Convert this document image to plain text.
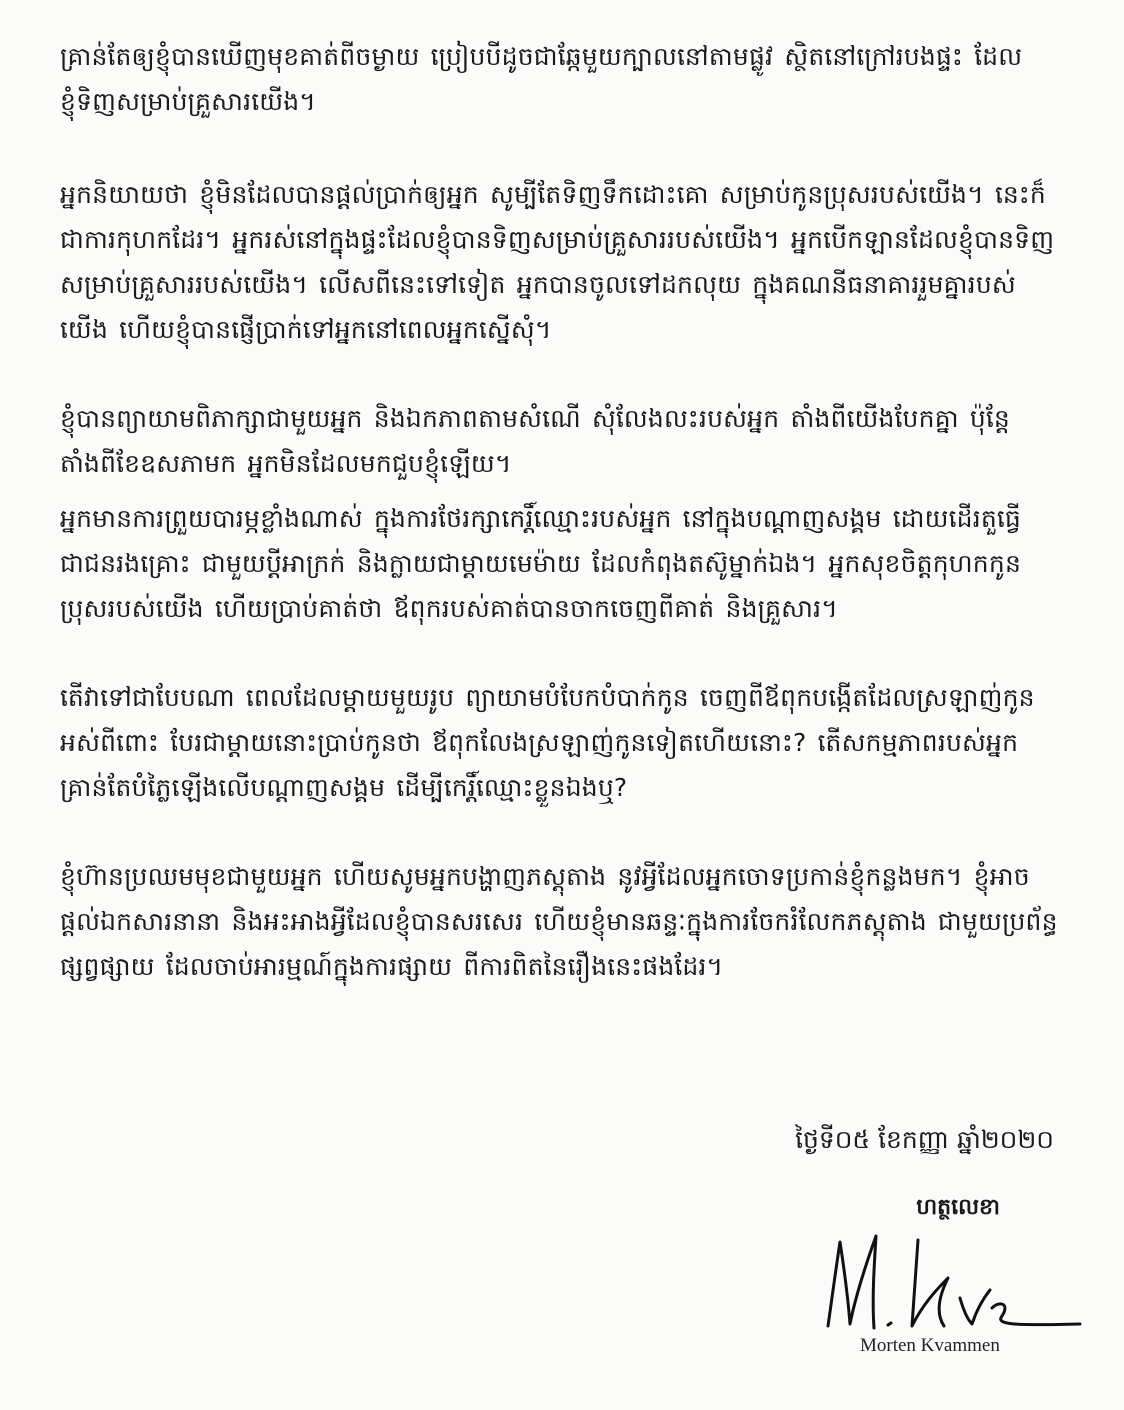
គ្រាន់តែឲ្យខ្ញុំបានឃើញមុខគាត់ពីចម្ងាយ ប្រៀបបីដូចជាឆ្កែមួយក្បាលនៅតាមផ្លូវ ស្ថិតនៅក្រៅរបងផ្ទះ ដែលខ្ញុំទិញសម្រាប់គ្រួសារយើង។

អ្នកនិយាយថា ខ្ញុំមិនដែលបានផ្តល់ប្រាក់ឲ្យអ្នក សូម្បីតែទិញទឹកដោះគោ សម្រាប់កូនប្រុសរបស់យើង។ នេះក៏ជាការកុហកដែរ។ អ្នករស់នៅក្នុងផ្ទះដែលខ្ញុំបានទិញសម្រាប់គ្រួសាររបស់យើង។ អ្នកបើកឡានដែលខ្ញុំបានទិញសម្រាប់គ្រួសាររបស់យើង។ លើសពីនេះទៅទៀត អ្នកបានចូលទៅដកលុយ ក្នុងគណនីធនាគាររួមគ្នារបស់យើង ហើយខ្ញុំបានផ្ញើប្រាក់ទៅអ្នកនៅពេលអ្នកស្នើសុំ។

ខ្ញុំបានព្យាយាមពិភាក្សាជាមួយអ្នក និងឯកភាពតាមសំណើ សុំលែងលះរបស់អ្នក តាំងពីយើងបែកគ្នា ប៉ុន្តែតាំងពីខែឧសភាមក អ្នកមិនដែលមកជួបខ្ញុំឡើយ។

អ្នកមានការព្រួយបារម្ភខ្លាំងណាស់ ក្នុងការថែរក្សាកេរ្តិ៍ឈ្មោះរបស់អ្នក នៅក្នុងបណ្តាញសង្គម ដោយដើរតួធ្វើជាជនរងគ្រោះ ជាមួយប្តីអាក្រក់ និងក្លាយជាម្តាយមេម៉ាយ ដែលកំពុងតស៊ូម្នាក់ឯង។ អ្នកសុខចិត្តកុហកកូនប្រុសរបស់យើង ហើយប្រាប់គាត់ថា ឪពុករបស់គាត់បានចាកចេញពីគាត់ និងគ្រួសារ។

តើវាទៅជាបែបណា ពេលដែលម្តាយមួយរូប ព្យាយាមបំបែកបំបាក់កូន ចេញពីឪពុកបង្កើតដែលស្រឡាញ់កូនអស់ពីពោះ បែរជាម្តាយនោះប្រាប់កូនថា ឪពុកលែងស្រឡាញ់កូនទៀតហើយនោះ? តើសកម្មភាពរបស់អ្នក គ្រាន់តែបំភ្លៃឡើងលើបណ្តាញសង្គម ដើម្បីកេរ្តិ៍ឈ្មោះខ្លួនឯងឬ?

ខ្ញុំហ៊ានប្រឈមមុខជាមួយអ្នក ហើយសូមអ្នកបង្ហាញភស្តុតាង នូវអ្វីដែលអ្នកចោទប្រកាន់ខ្ញុំកន្លងមក។ ខ្ញុំអាចផ្តល់ឯកសារនានា និងអះអាងអ្វីដែលខ្ញុំបានសរសេរ ហើយខ្ញុំមានឆន្ទៈក្នុងការចែករំលែកភស្តុតាង ជាមួយប្រព័ន្ធផ្សព្វផ្សាយ ដែលចាប់អារម្មណ៍ក្នុងការផ្សាយ ពីការពិតនៃរឿងនេះផងដែរ។

ថ្ងៃទី០៥ ខែកញ្ញា ឆ្នាំ២០២០
ហត្ថលេខា
Morten Kvammen
